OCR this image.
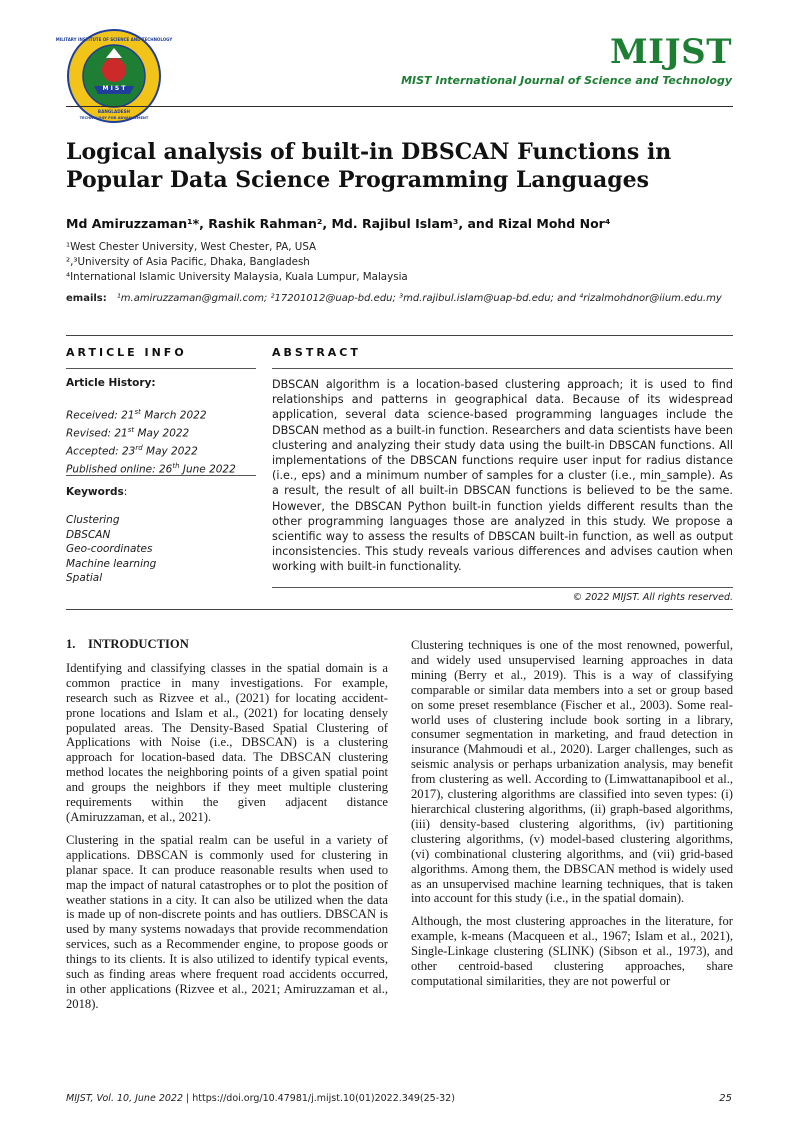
M I S T
MILITARY INSTITUTE OF SCIENCE AND TECHNOLOGY
BANGLADESH
TECHNOLOGY FOR ADVANCEMENT
MIJST
MIST International Journal of Science and Technology
Logical analysis of built-in DBSCAN Functions in Popular Data Science Programming Languages
Md Amiruzzaman¹*, Rashik Rahman², Md. Rajibul Islam³, and Rizal Mohd Nor⁴
¹West Chester University, West Chester, PA, USA
²,³University of Asia Pacific, Dhaka, Bangladesh
⁴International Islamic University Malaysia, Kuala Lumpur, Malaysia
emails: ¹m.amiruzzaman@gmail.com; ²17201012@uap-bd.edu; ³md.rajibul.islam@uap-bd.edu; and ⁴rizalmohdnor@iium.edu.my
ARTICLE INFO
Article History:
Received: 21st March 2022
Revised: 21st May 2022
Accepted: 23rd May 2022
Published online: 26th June 2022
Keywords:
Clustering
DBSCAN
Geo-coordinates
Machine learning
Spatial
ABSTRACT

DBSCAN algorithm is a location-based clustering approach; it is used to find relationships and patterns in geographical data. Because of its widespread application, several data science-based programming languages include the DBSCAN method as a built-in function. Researchers and data scientists have been clustering and analyzing their study data using the built-in DBSCAN functions. All implementations of the DBSCAN functions require user input for radius distance (i.e., eps) and a minimum number of samples for a cluster (i.e., min_sample). As a result, the result of all built-in DBSCAN functions is believed to be the same. However, the DBSCAN Python built-in function yields different results than the other programming languages those are analyzed in this study. We propose a scientific way to assess the results of DBSCAN built-in function, as well as output inconsistencies. This study reveals various differences and advises caution when working with built-in functionality.

© 2022 MIJST. All rights reserved.
1. INTRODUCTION

Identifying and classifying classes in the spatial domain is a common practice in many investigations. For example, research such as Rizvee et al., (2021) for locating accident-prone locations and Islam et al., (2021) for locating densely populated areas. The Density-Based Spatial Clustering of Applications with Noise (i.e., DBSCAN) is a clustering approach for location-based data. The DBSCAN clustering method locates the neighboring points of a given spatial point and groups the neighbors if they meet multiple clustering requirements within the given adjacent distance (Amiruzzaman, et al., 2021).

Clustering in the spatial realm can be useful in a variety of applications. DBSCAN is commonly used for clustering in planar space. It can produce reasonable results when used to map the impact of natural catastrophes or to plot the position of weather stations in a city. It can also be utilized when the data is made up of non-discrete points and has outliers. DBSCAN is used by many systems nowadays that provide recommendation services, such as a Recommender engine, to propose goods or things to its clients. It is also utilized to identify typical events, such as finding areas where frequent road accidents occurred, in other applications (Rizvee et al., 2021; Amiruzzaman et al., 2018).

Clustering techniques is one of the most renowned, powerful, and widely used unsupervised learning approaches in data mining (Berry et al., 2019). This is a way of classifying comparable or similar data members into a set or group based on some preset resemblance (Fischer et al., 2003). Some real-world uses of clustering include book sorting in a library, consumer segmentation in marketing, and fraud detection in insurance (Mahmoudi et al., 2020). Larger challenges, such as seismic analysis or perhaps urbanization analysis, may benefit from clustering as well. According to (Limwattanapibool et al., 2017), clustering algorithms are classified into seven types: (i) hierarchical clustering algorithms, (ii) graph-based algorithms, (iii) density-based clustering algorithms, (iv) partitioning clustering algorithms, (v) model-based clustering algorithms, (vi) combinational clustering algorithms, and (vii) grid-based algorithms. Among them, the DBSCAN method is widely used as an unsupervised machine learning techniques, that is taken into account for this study (i.e., in the spatial domain).

Although, the most clustering approaches in the literature, for example, k-means (Macqueen et al., 1967; Islam et al., 2021), Single-Linkage clustering (SLINK) (Sibson et al., 1973), and other centroid-based clustering approaches, share computational similarities, they are not powerful or

MIJST, Vol. 10, June 2022 | https://doi.org/10.47981/j.mijst.10(01)2022.349(25-32)	25
